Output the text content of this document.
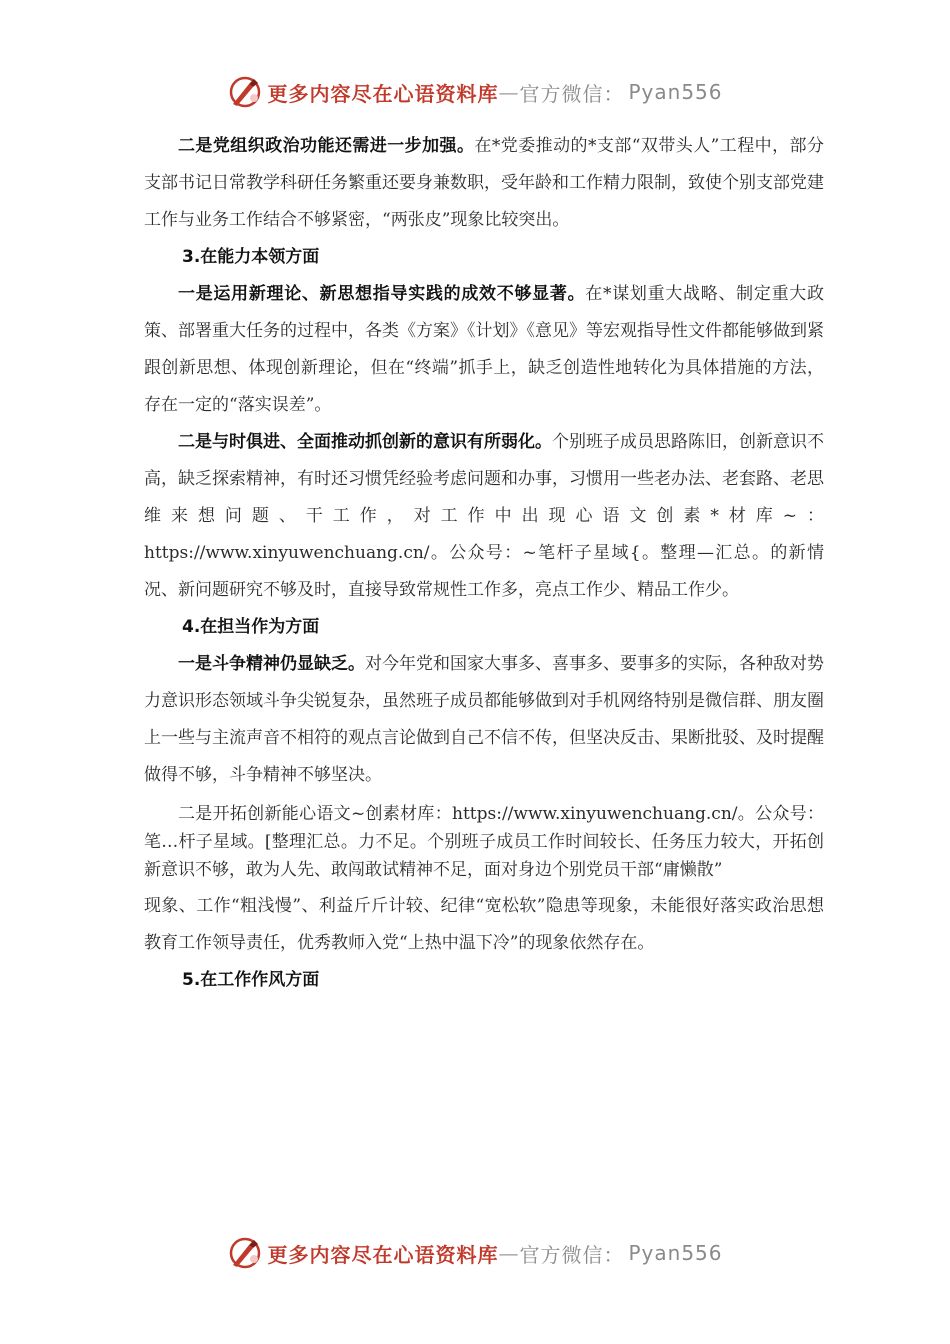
更多内容尽在心语资料库 — 官方微信： Pyan556

二是党组织政治功能还需进一步加强。在*党委推动的*支部“双带头人”工程中，部分支部书记日常教学科研任务繁重还要身兼数职，受年龄和工作精力限制，致使个别支部党建工作与业务工作结合不够紧密，“两张皮”现象比较突出。

3.在能力本领方面

一是运用新理论、新思想指导实践的成效不够显著。在*谋划重大战略、制定重大政策、部署重大任务的过程中，各类《方案》《计划》《意见》等宏观指导性文件都能够做到紧跟创新思想、体现创新理论，但在“终端”抓手上，缺乏创造性地转化为具体措施的方法，存在一定的“落实误差”。

二是与时俱进、全面推动抓创新的意识有所弱化。个别班子成员思路陈旧，创新意识不高，缺乏探索精神，有时还习惯凭经验考虑问题和办事，习惯用一些老办法、老套路、老思维来想问题、干工作，对工作中出现心语文创素*材库~：https://www.xinyuwenchuang.cn/。公众号：~笔杆子星域{。整理—汇总。的新情况、新问题研究不够及时，直接导致常规性工作多，亮点工作少、精品工作少。

4.在担当作为方面

一是斗争精神仍显缺乏。对今年党和国家大事多、喜事多、要事多的实际，各种敌对势力意识形态领域斗争尖锐复杂，虽然班子成员都能够做到对手机网络特别是微信群、朋友圈上一些与主流声音不相符的观点言论做到自己不信不传，但坚决反击、果断批驳、及时提醒做得不够，斗争精神不够坚决。

二是开拓创新能心语文~创素材库：https://www.xinyuwenchuang.cn/。公众号：笔…杆子星域。[整理汇总。力不足。个别班子成员工作时间较长、任务压力较大，开拓创新意识不够，敢为人先、敢闯敢试精神不足，面对身边个别党员干部“庸懒散”

现象、工作“粗浅慢”、利益斤斤计较、纪律“宽松软”隐患等现象，未能很好落实政治思想教育工作领导责任，优秀教师入党“上热中温下冷”的现象依然存在。

5.在工作作风方面

更多内容尽在心语资料库 — 官方微信： Pyan556
